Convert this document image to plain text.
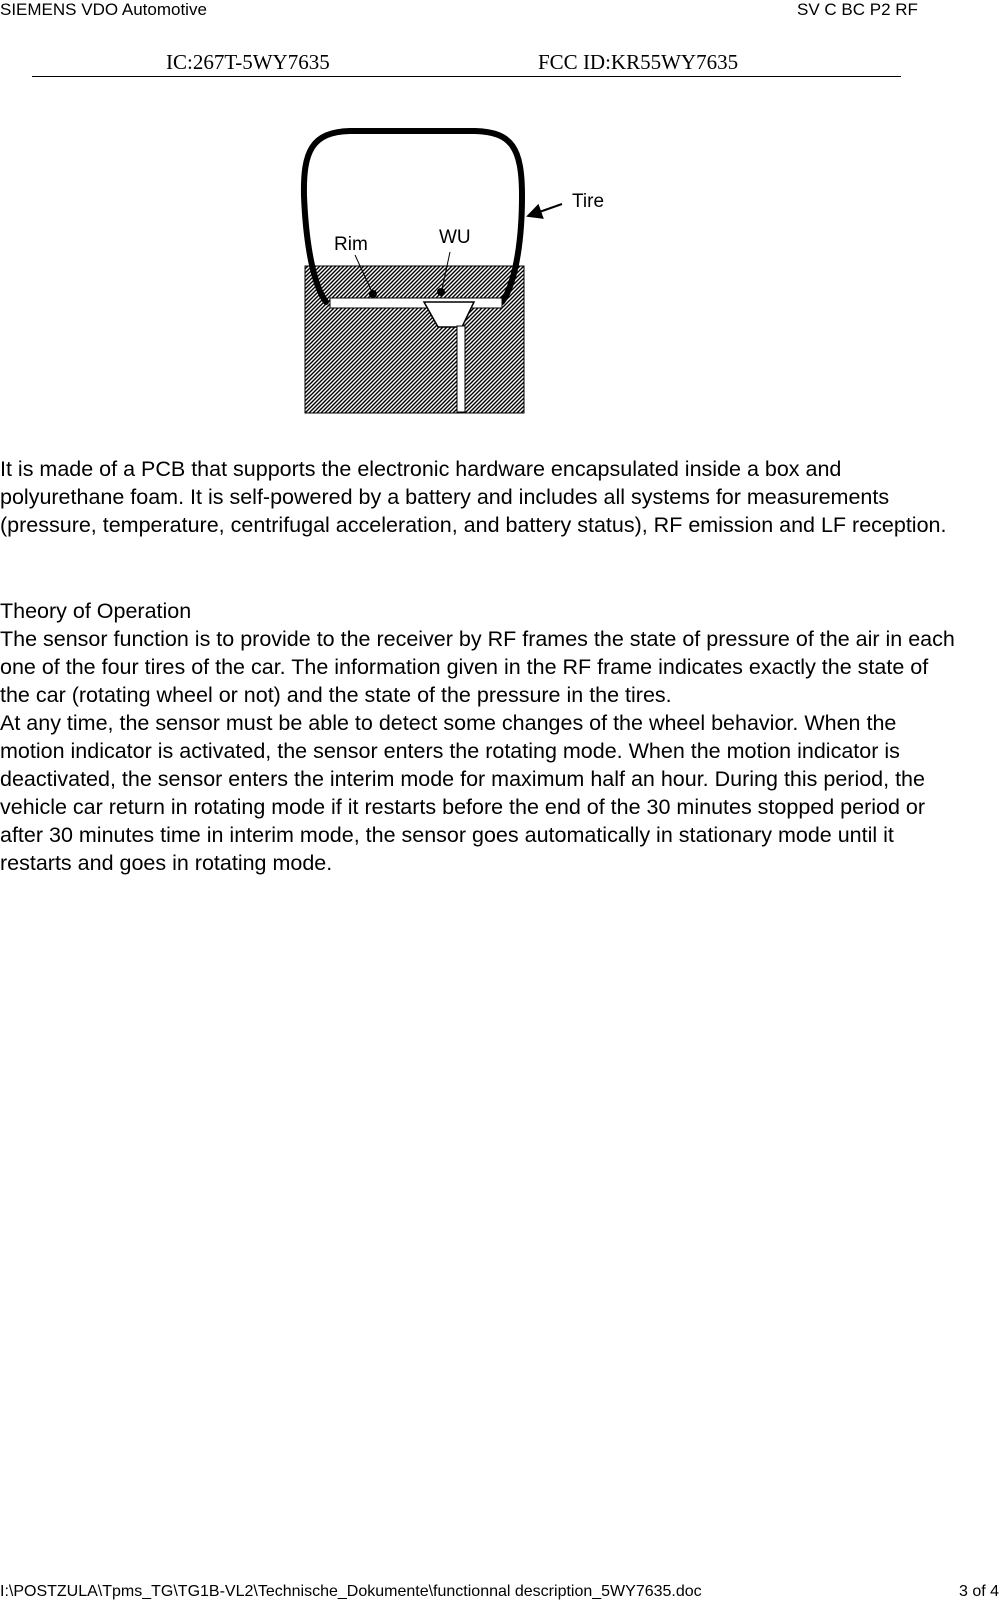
SIEMENS VDO Automotive	SV C BC P2 RF
IC:267T-5WY7635	FCC ID:KR55WY7635
Tire
Rim	WU

It is made of a PCB that supports the electronic hardware encapsulated inside a box and polyurethane foam. It is self-powered by a battery and includes all systems for measurements (pressure, temperature, centrifugal acceleration, and battery status), RF emission and LF reception.

Theory of Operation

The sensor function is to provide to the receiver by RF frames the state of pressure of the air in each one of the four tires of the car. The information given in the RF frame indicates exactly the state of the car (rotating wheel or not) and the state of the pressure in the tires.

At any time, the sensor must be able to detect some changes of the wheel behavior. When the motion indicator is activated, the sensor enters the rotating mode. When the motion indicator is deactivated, the sensor enters the interim mode for maximum half an hour. During this period, the vehicle car return in rotating mode if it restarts before the end of the 30 minutes stopped period or after 30 minutes time in interim mode, the sensor goes automatically in stationary mode until it restarts and goes in rotating mode.

I:\POSTZULA\Tpms_TG\TG1B-VL2\Technische_Dokumente\functionnal description_5WY7635.doc	3 of 4
